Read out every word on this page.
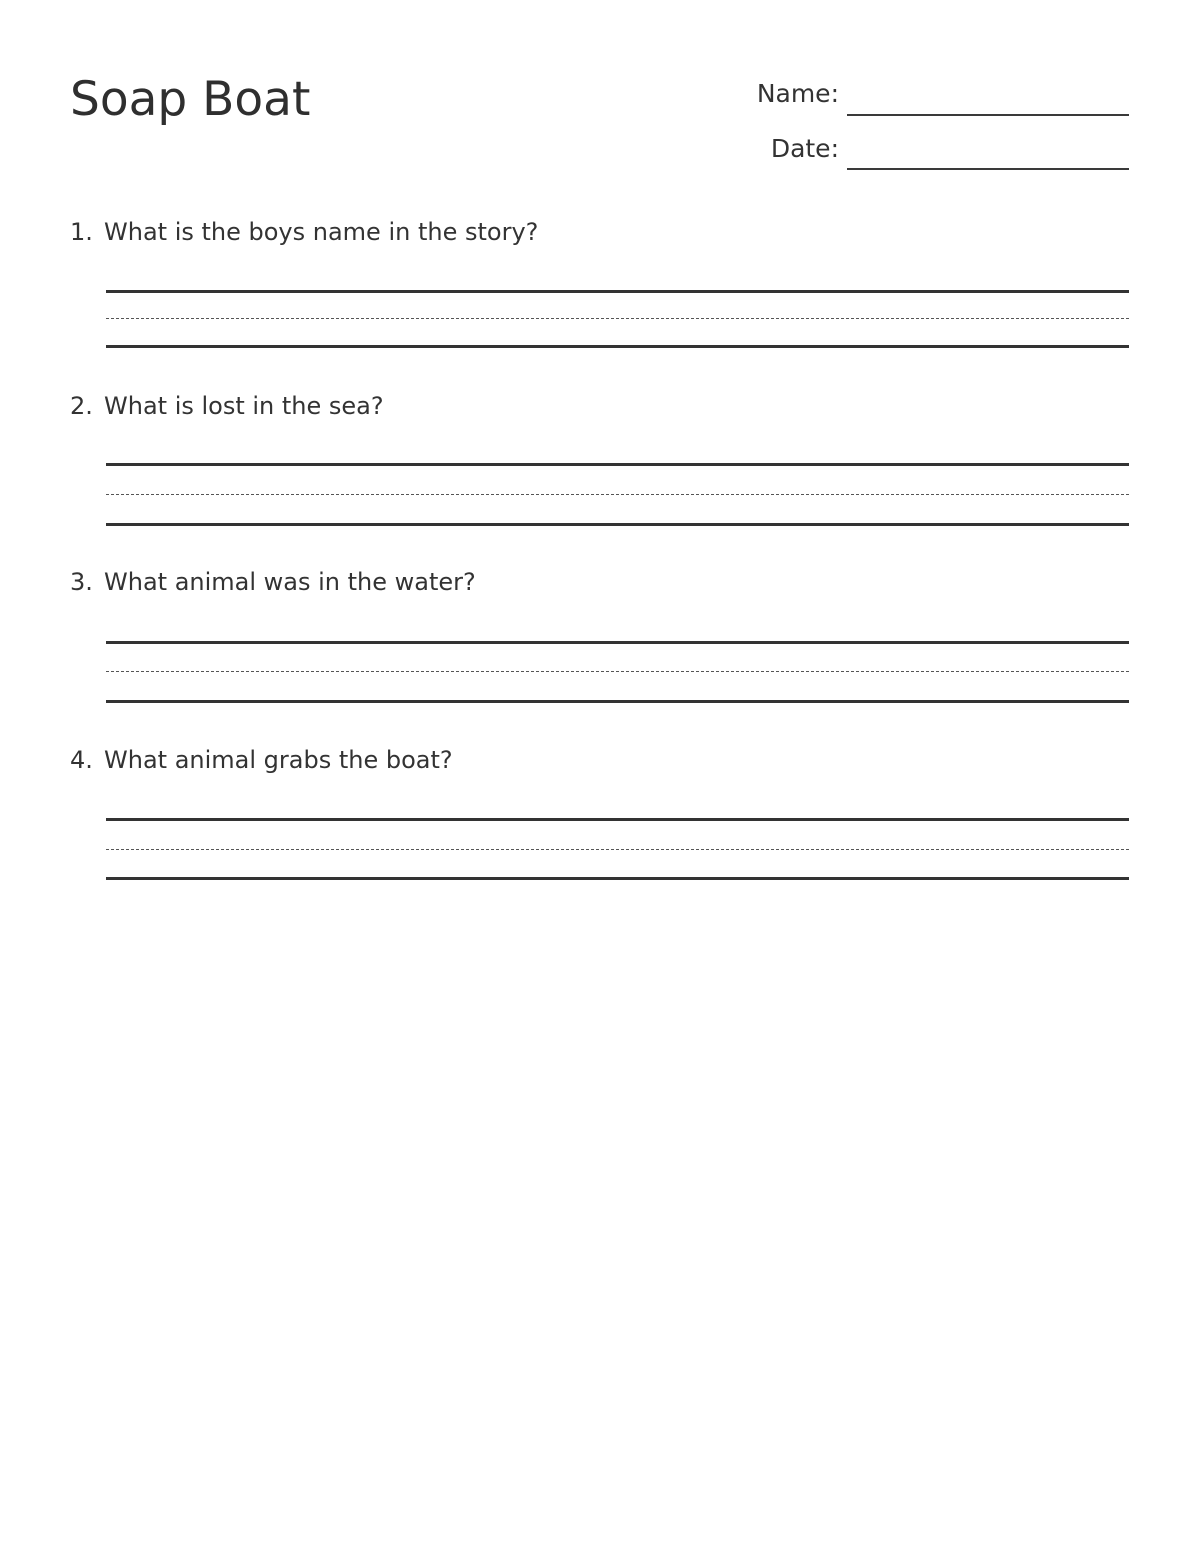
Soap Boat	Name:
Date:
1. What is the boys name in the story?
2. What is lost in the sea?
3. What animal was in the water?
4. What animal grabs the boat?
